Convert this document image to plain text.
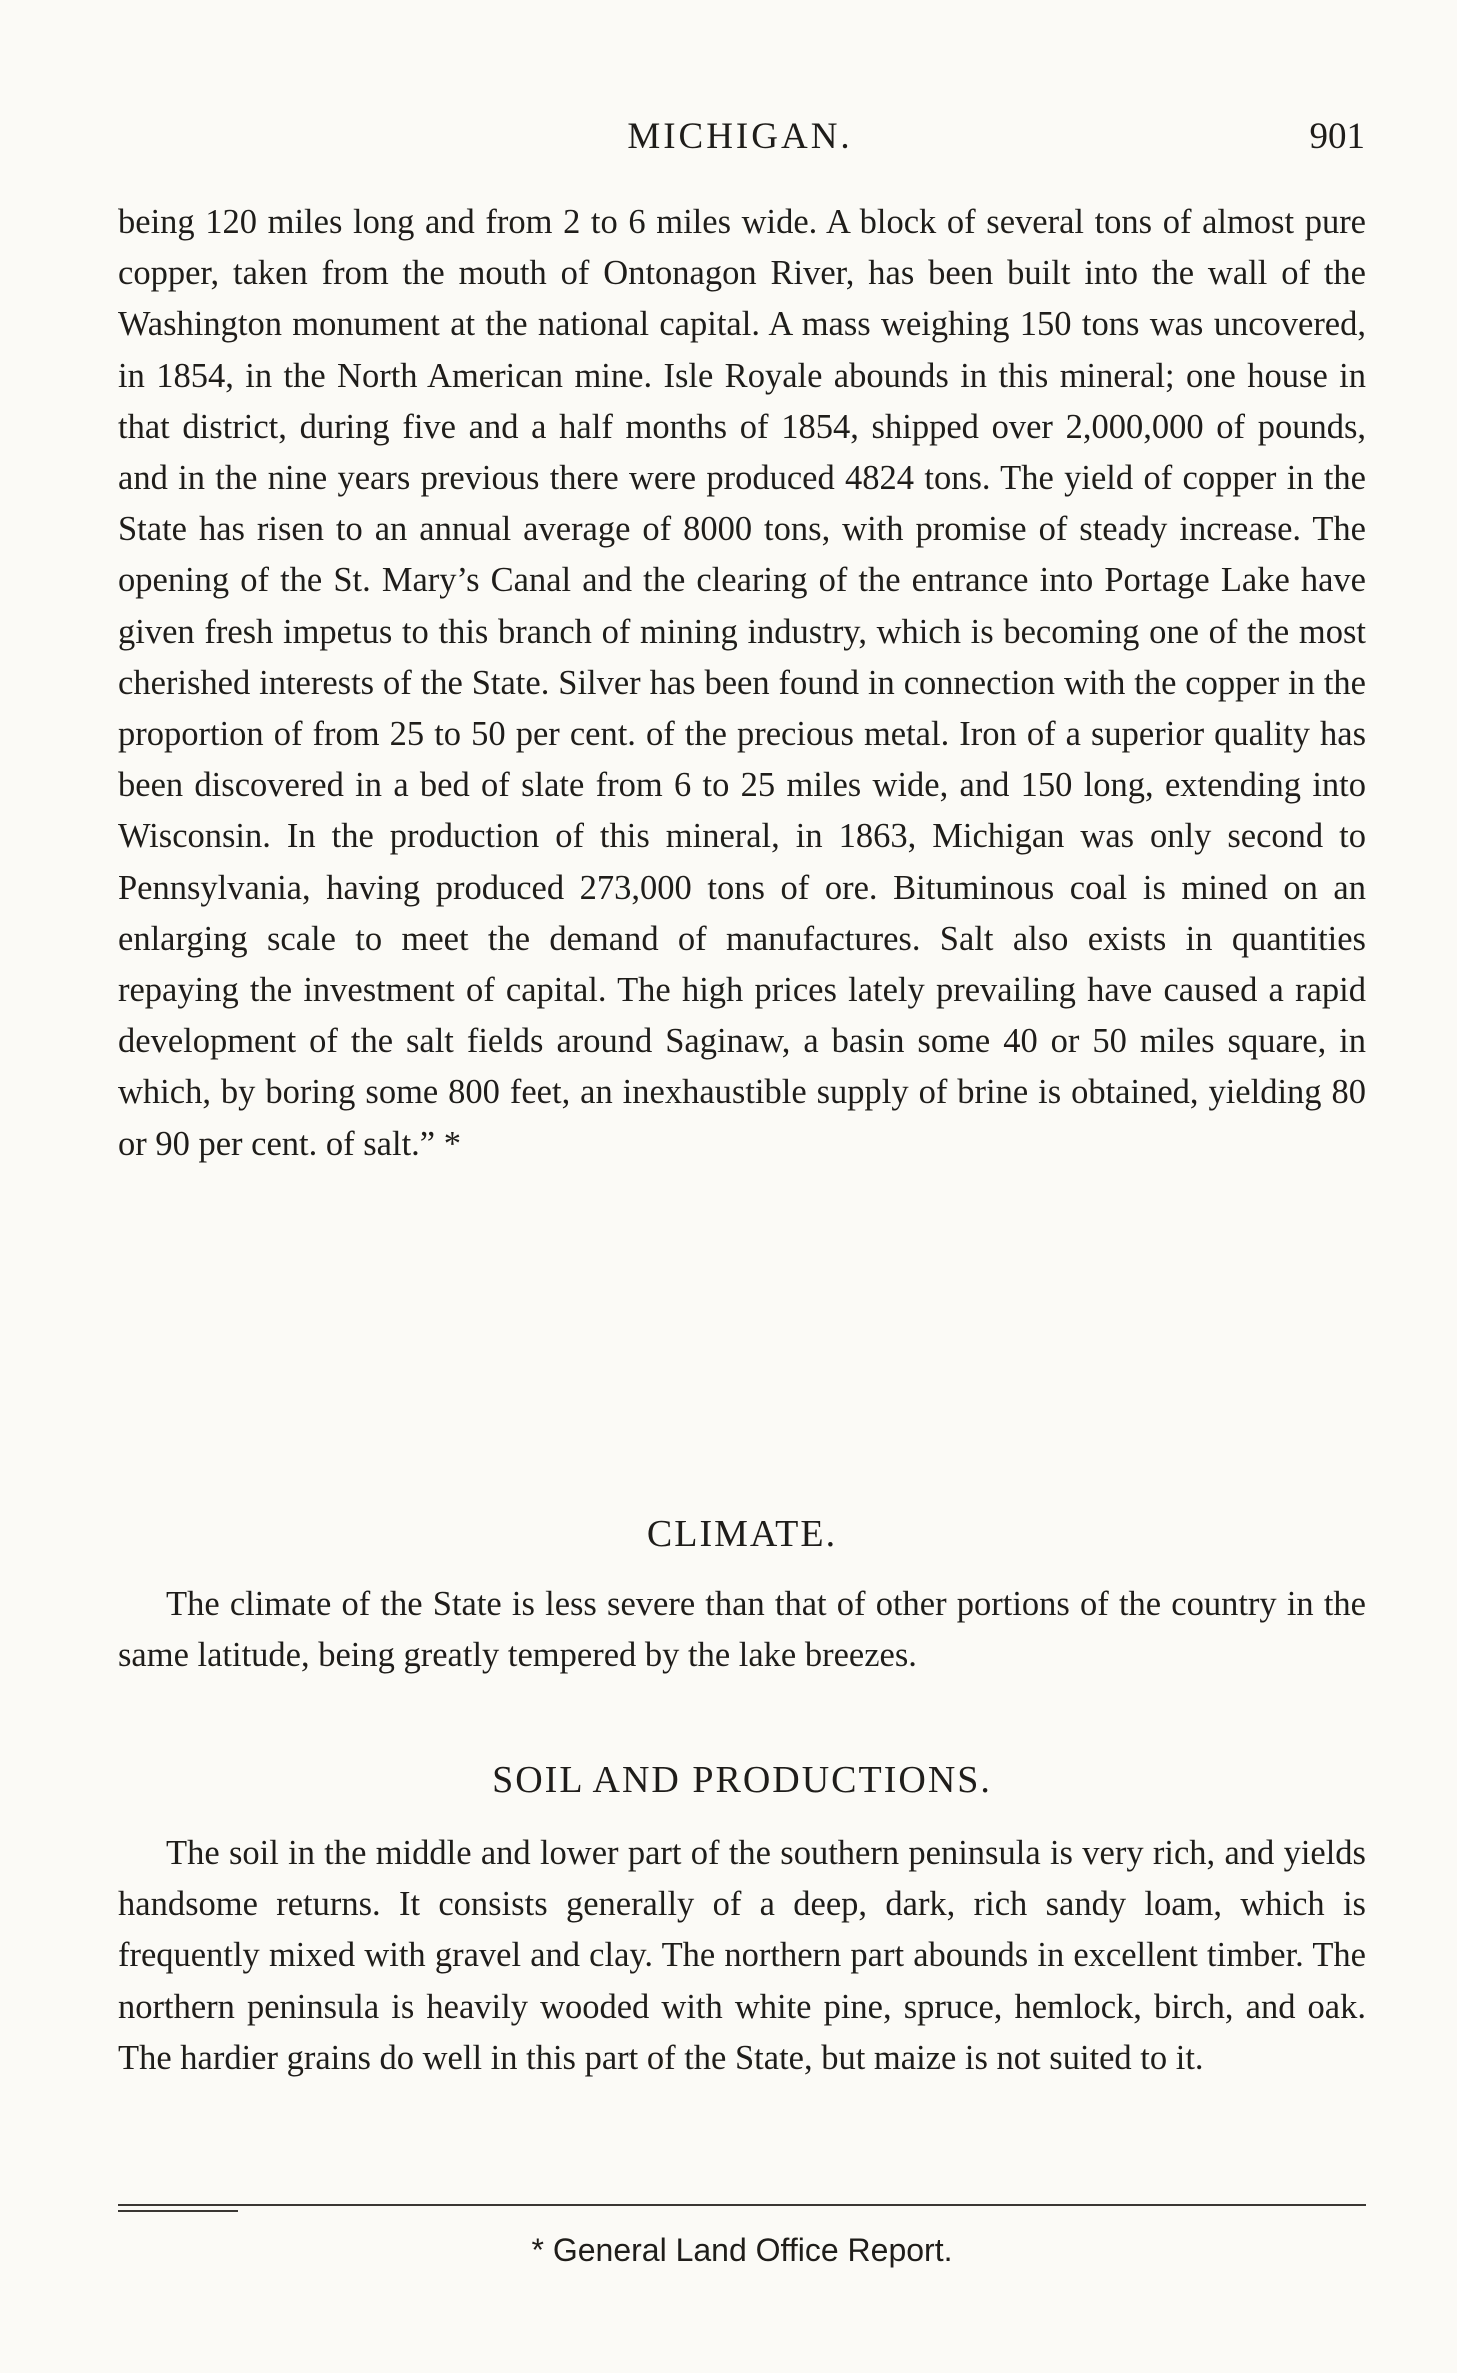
MICHIGAN.	901

being 120 miles long and from 2 to 6 miles wide. A block of several tons of almost pure copper, taken from the mouth of Ontonagon River, has been built into the wall of the Washington monument at the national capital. A mass weighing 150 tons was uncovered, in 1854, in the North American mine. Isle Royale abounds in this mineral; one house in that district, during five and a half months of 1854, shipped over 2,000,000 of pounds, and in the nine years previous there were produced 4824 tons. The yield of copper in the State has risen to an annual average of 8000 tons, with promise of steady increase. The opening of the St. Mary’s Canal and the clearing of the entrance into Portage Lake have given fresh impetus to this branch of mining industry, which is becoming one of the most cherished interests of the State. Silver has been found in connection with the copper in the proportion of from 25 to 50 per cent. of the precious metal. Iron of a superior quality has been discovered in a bed of slate from 6 to 25 miles wide, and 150 long, extending into Wisconsin. In the production of this mineral, in 1863, Michigan was only second to Pennsylvania, having produced 273,000 tons of ore. Bituminous coal is mined on an enlarging scale to meet the demand of manufactures. Salt also exists in quantities repaying the investment of capital. The high prices lately prevailing have caused a rapid development of the salt fields around Saginaw, a basin some 40 or 50 miles square, in which, by boring some 800 feet, an inexhaustible supply of brine is obtained, yielding 80 or 90 per cent. of salt.” *

CLIMATE.

The climate of the State is less severe than that of other portions of the country in the same latitude, being greatly tempered by the lake breezes.

SOIL AND PRODUCTIONS.

The soil in the middle and lower part of the southern peninsula is very rich, and yields handsome returns. It consists generally of a deep, dark, rich sandy loam, which is frequently mixed with gravel and clay. The northern part abounds in excellent timber. The northern peninsula is heavily wooded with white pine, spruce, hemlock, birch, and oak. The hardier grains do well in this part of the State, but maize is not suited to it.

* General Land Office Report.
